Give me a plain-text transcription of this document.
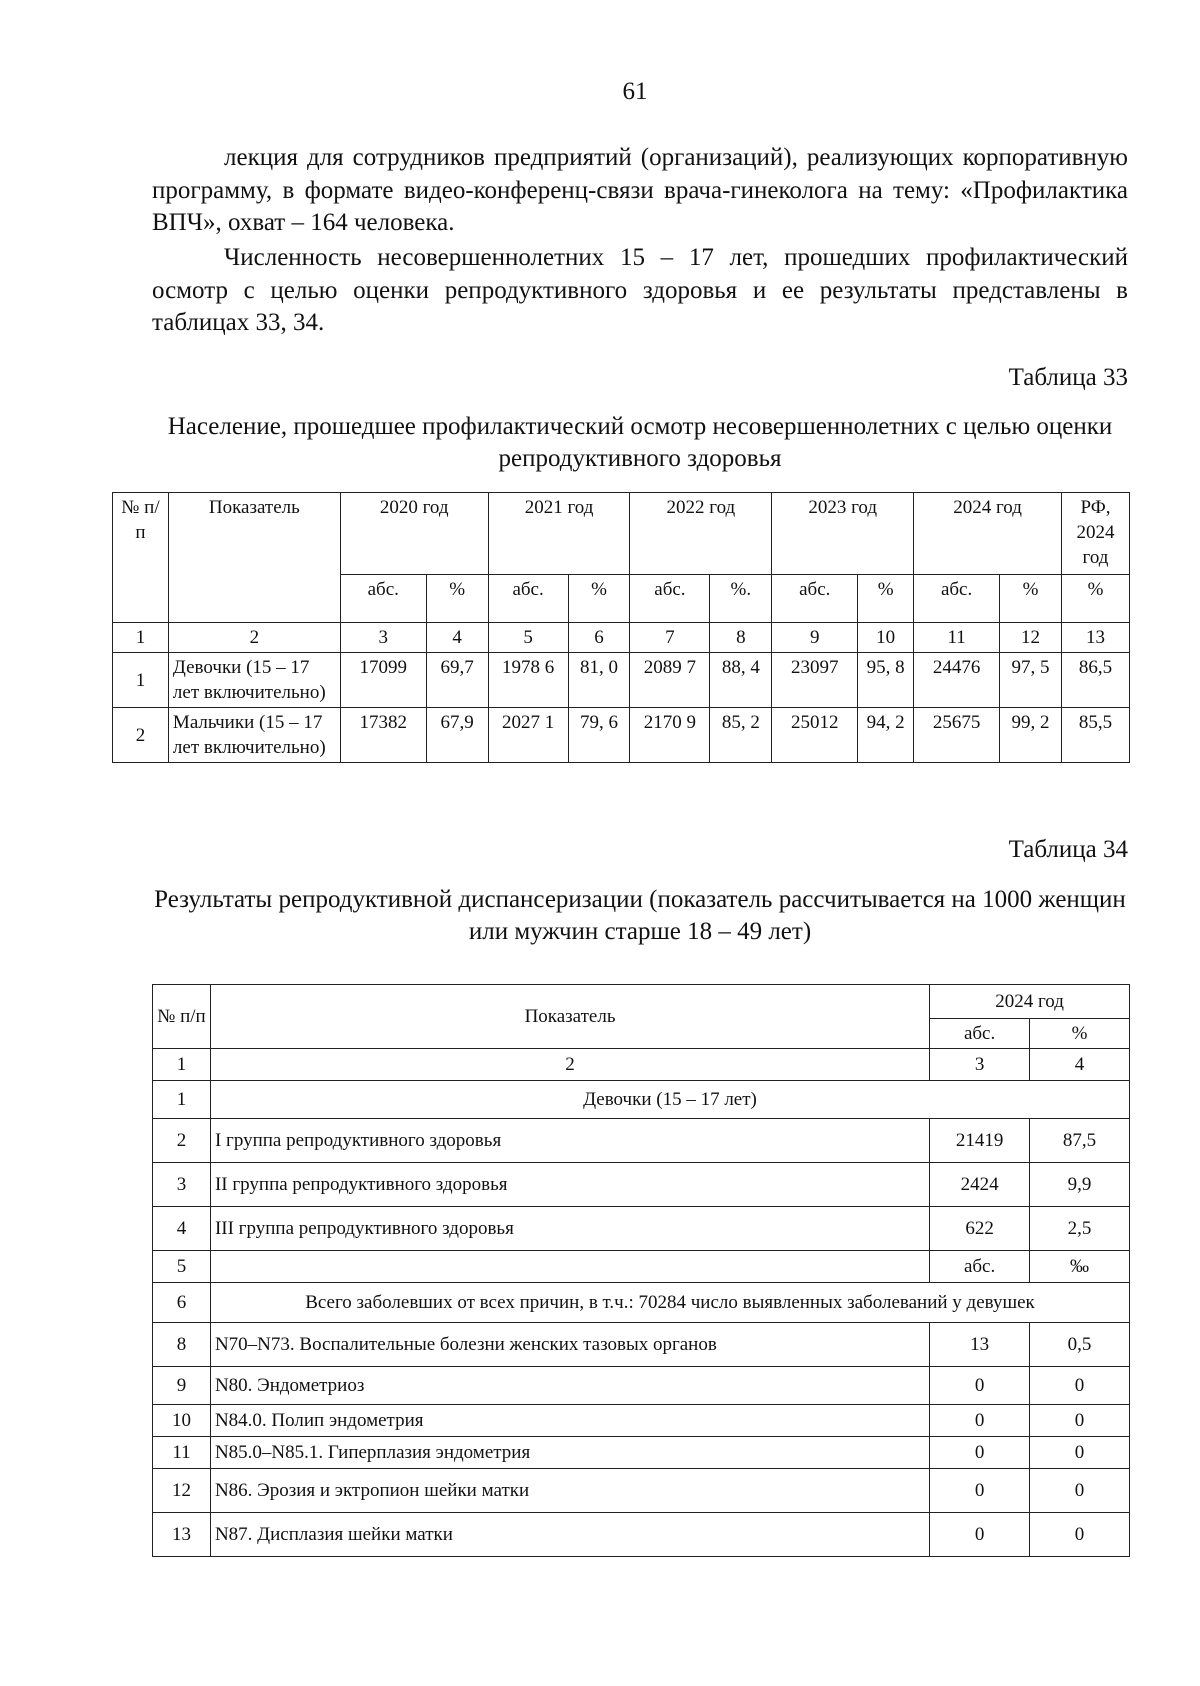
61

лекция для сотрудников предприятий (организаций), реализующих корпоративную программу, в формате видео-конференц-связи врача-гинеколога на тему: «Профилактика ВПЧ», охват – 164 человека.

Численность несовершеннолетних 15 – 17 лет, прошедших профилактический осмотр с целью оценки репродуктивного здоровья и ее результаты представлены в таблицах 33, 34.

Таблица 33
Население, прошедшее профилактический осмотр несовершеннолетних с целью оценки репродуктивного здоровья
№ п/п	Показатель	2020 год		2021 год		2022 год		2023 год		2024 год		РФ, 2024 год
		абс.	%	абс.	%	абс.	%.	абс.	%	абс.	%	%
1	2	3	4	5	6	7	8	9	10	11	12	13
1	Девочки (15 – 17 лет включительно)	17099	69,7	1978 6	81, 0	2089 7	88, 4	23097	95, 8	24476	97, 5	86,5
2	Мальчики (15 – 17 лет включительно)	17382	67,9	2027 1	79, 6	2170 9	85, 2	25012	94, 2	25675	99, 2	85,5
Таблица 34
Результаты репродуктивной диспансеризации (показатель рассчитывается на 1000 женщин или мужчин старше 18 – 49 лет)
№ п/п	Показатель	2024 год	
		абс.	%
1	2	3	4
1	Девочки (15 – 17 лет)		
2	I группа репродуктивного здоровья	21419	87,5
3	II группа репродуктивного здоровья	2424	9,9
4	III группа репродуктивного здоровья	622	2,5
5		абс.	‰
6	Всего заболевших от всех причин, в т.ч.: 70284 число выявленных заболеваний у девушек		
8	N70–N73. Воспалительные болезни женских тазовых органов	13	0,5
9	N80. Эндометриоз	0	0
10	N84.0. Полип эндометрия	0	0
11	N85.0–N85.1. Гиперплазия эндометрия	0	0
12	N86. Эрозия и эктропион шейки матки	0	0
13	N87. Дисплазия шейки матки	0	0
